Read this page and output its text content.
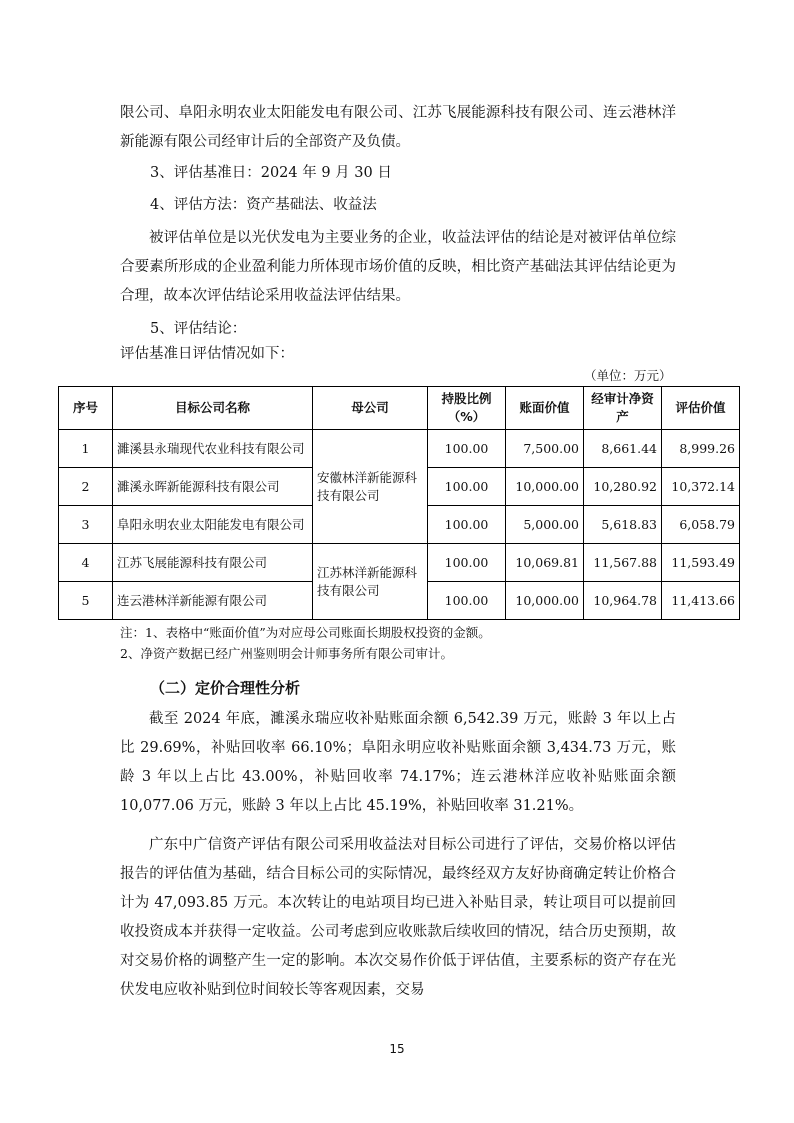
限公司、阜阳永明农业太阳能发电有限公司、江苏飞展能源科技有限公司、连云港林洋新能源有限公司经审计后的全部资产及负债。

3、评估基准日：2024 年 9 月 30 日

4、评估方法：资产基础法、收益法

被评估单位是以光伏发电为主要业务的企业，收益法评估的结论是对被评估单位综合要素所形成的企业盈利能力所体现市场价值的反映，相比资产基础法其评估结论更为合理，故本次评估结论采用收益法评估结果。

5、评估结论：

评估基准日评估情况如下：

（单位：万元）
序号	目标公司名称	母公司	持股比例（%）	账面价值	经审计净资产	评估价值
1	濉溪县永瑞现代农业科技有限公司	安徽林洋新能源科技有限公司	100.00	7,500.00	8,661.44	8,999.26
2	濉溪永晖新能源科技有限公司		100.00	10,000.00	10,280.92	10,372.14
3	阜阳永明农业太阳能发电有限公司		100.00	5,000.00	5,618.83	6,058.79
4	江苏飞展能源科技有限公司	江苏林洋新能源科技有限公司	100.00	10,069.81	11,567.88	11,593.49
5	连云港林洋新能源有限公司		100.00	10,000.00	10,964.78	11,413.66
注：1、表格中“账面价值”为对应母公司账面长期股权投资的金额。
2、净资产数据已经广州鉴则明会计师事务所有限公司审计。
（二）定价合理性分析

截至 2024 年底，濉溪永瑞应收补贴账面余额 6,542.39 万元，账龄 3 年以上占比 29.69%，补贴回收率 66.10%；阜阳永明应收补贴账面余额 3,434.73 万元，账龄 3 年以上占比 43.00%，补贴回收率 74.17%；连云港林洋应收补贴账面余额 10,077.06 万元，账龄 3 年以上占比 45.19%，补贴回收率 31.21%。

广东中广信资产评估有限公司采用收益法对目标公司进行了评估，交易价格以评估报告的评估值为基础，结合目标公司的实际情况，最终经双方友好协商确定转让价格合计为 47,093.85 万元。本次转让的电站项目均已进入补贴目录，转让项目可以提前回收投资成本并获得一定收益。公司考虑到应收账款后续收回的情况，结合历史预期，故对交易价格的调整产生一定的影响。本次交易作价低于评估值，主要系标的资产存在光伏发电应收补贴到位时间较长等客观因素，交易

15
